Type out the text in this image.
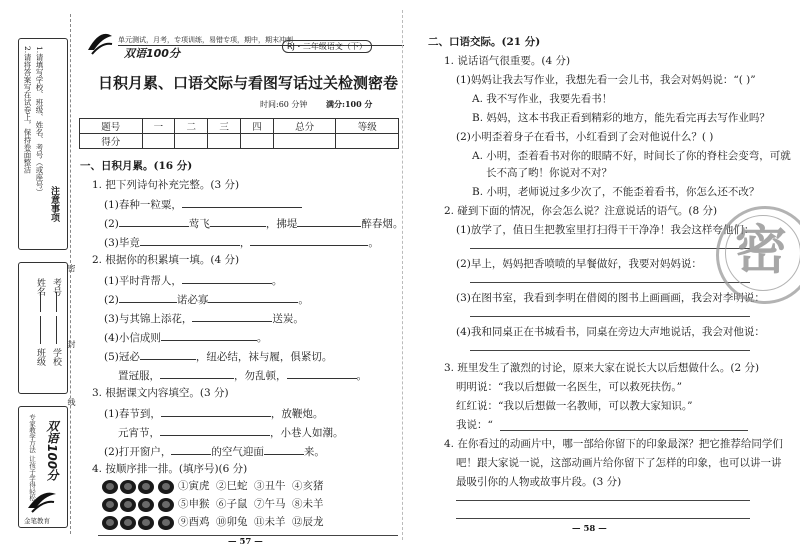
注意事项
1.请填写学校、班级、姓名、考号（或座号）
2.请将答案写在试卷上，保持卷面整洁
学校
班级
姓名 考号
双语100分
专家教学方法 让孩子学得轻松
金笔教育
密
封
线
单元测试，月考，专项训练，易错专项，期中，期末冲刺
双语100分
RJ・二年级语文（下）
日积月累、口语交际与看图写话过关检测密卷
时间:60 分钟 满分:100 分
题号	一	二	三	四	总分	等级
得分						
一、日积月累。(16 分)
1. 把下列诗句补充完整。(3 分)
(1)春种一粒粟，
(2)	莺飞	，拂堤	醉春烟。
(3)毕竟	，	。
2. 根据你的积累填一填。(4 分)
(1)平时背帮人，	。
(2)	诺必寡	。
(3)与其锦上添花，	送炭。
(4)小信成则	。
(5)冠必	，纽必结，袜与履，俱紧切。
置冠服，	，勿乱顿，	。
3. 根据课文内容填空。(3 分)
(1)春节到，	，放鞭炮。
元宵节，	，小巷人如潮。
(2)打开窗户，	的空气迎面	来。
4. 按顺序排一排。(填序号)(6 分)
①寅虎 ②巳蛇 ③丑牛 ④亥猪
⑤申猴 ⑥子鼠 ⑦午马 ⑧未羊
⑨酉鸡 ⑩卯兔 ⑪未羊 ⑫辰龙
— 57 —
二、口语交际。(21 分)
1. 说话语气很重要。(4 分)
(1)妈妈让我去写作业，我想先看一会儿书，我会对妈妈说：“( )”
A. 我不写作业，我要先看书！
B. 妈妈，这本书我正看到精彩的地方，能先看完再去写作业吗？
(2)小明歪着身子在看书，小红看到了会对他说什么？( )
A. 小明，歪着看书对你的眼睛不好，时间长了你的脊柱会变弯，可就
长不高了哟！你说对不对？
B. 小明，老师说过多少次了，不能歪着看书，你怎么还不改？
2. 碰到下面的情况，你会怎么说？注意说话的语气。(8 分)
(1)放学了，值日生把教室里打扫得干干净净！我会这样夸他们：
(2)早上，妈妈把香喷喷的早餐做好，我要对妈妈说：
(3)在图书室，我看到李明在借阅的图书上画画画，我会对李明说：
(4)我和同桌正在书城看书，同桌在旁边大声地说话，我会对他说：
3. 班里发生了激烈的讨论，原来大家在说长大以后想做什么。(2 分)
明明说：“我以后想做一名医生，可以救死扶伤。”
红红说：“我以后想做一名教师，可以教大家知识。”
我说：“
4. 在你看过的动画片中，哪一部给你留下的印象最深？把它推荐给同学们
吧！跟大家说一说，这部动画片给你留下了怎样的印象，也可以讲一讲
最吸引你的人物或故事片段。(3 分)
— 58 —
密
